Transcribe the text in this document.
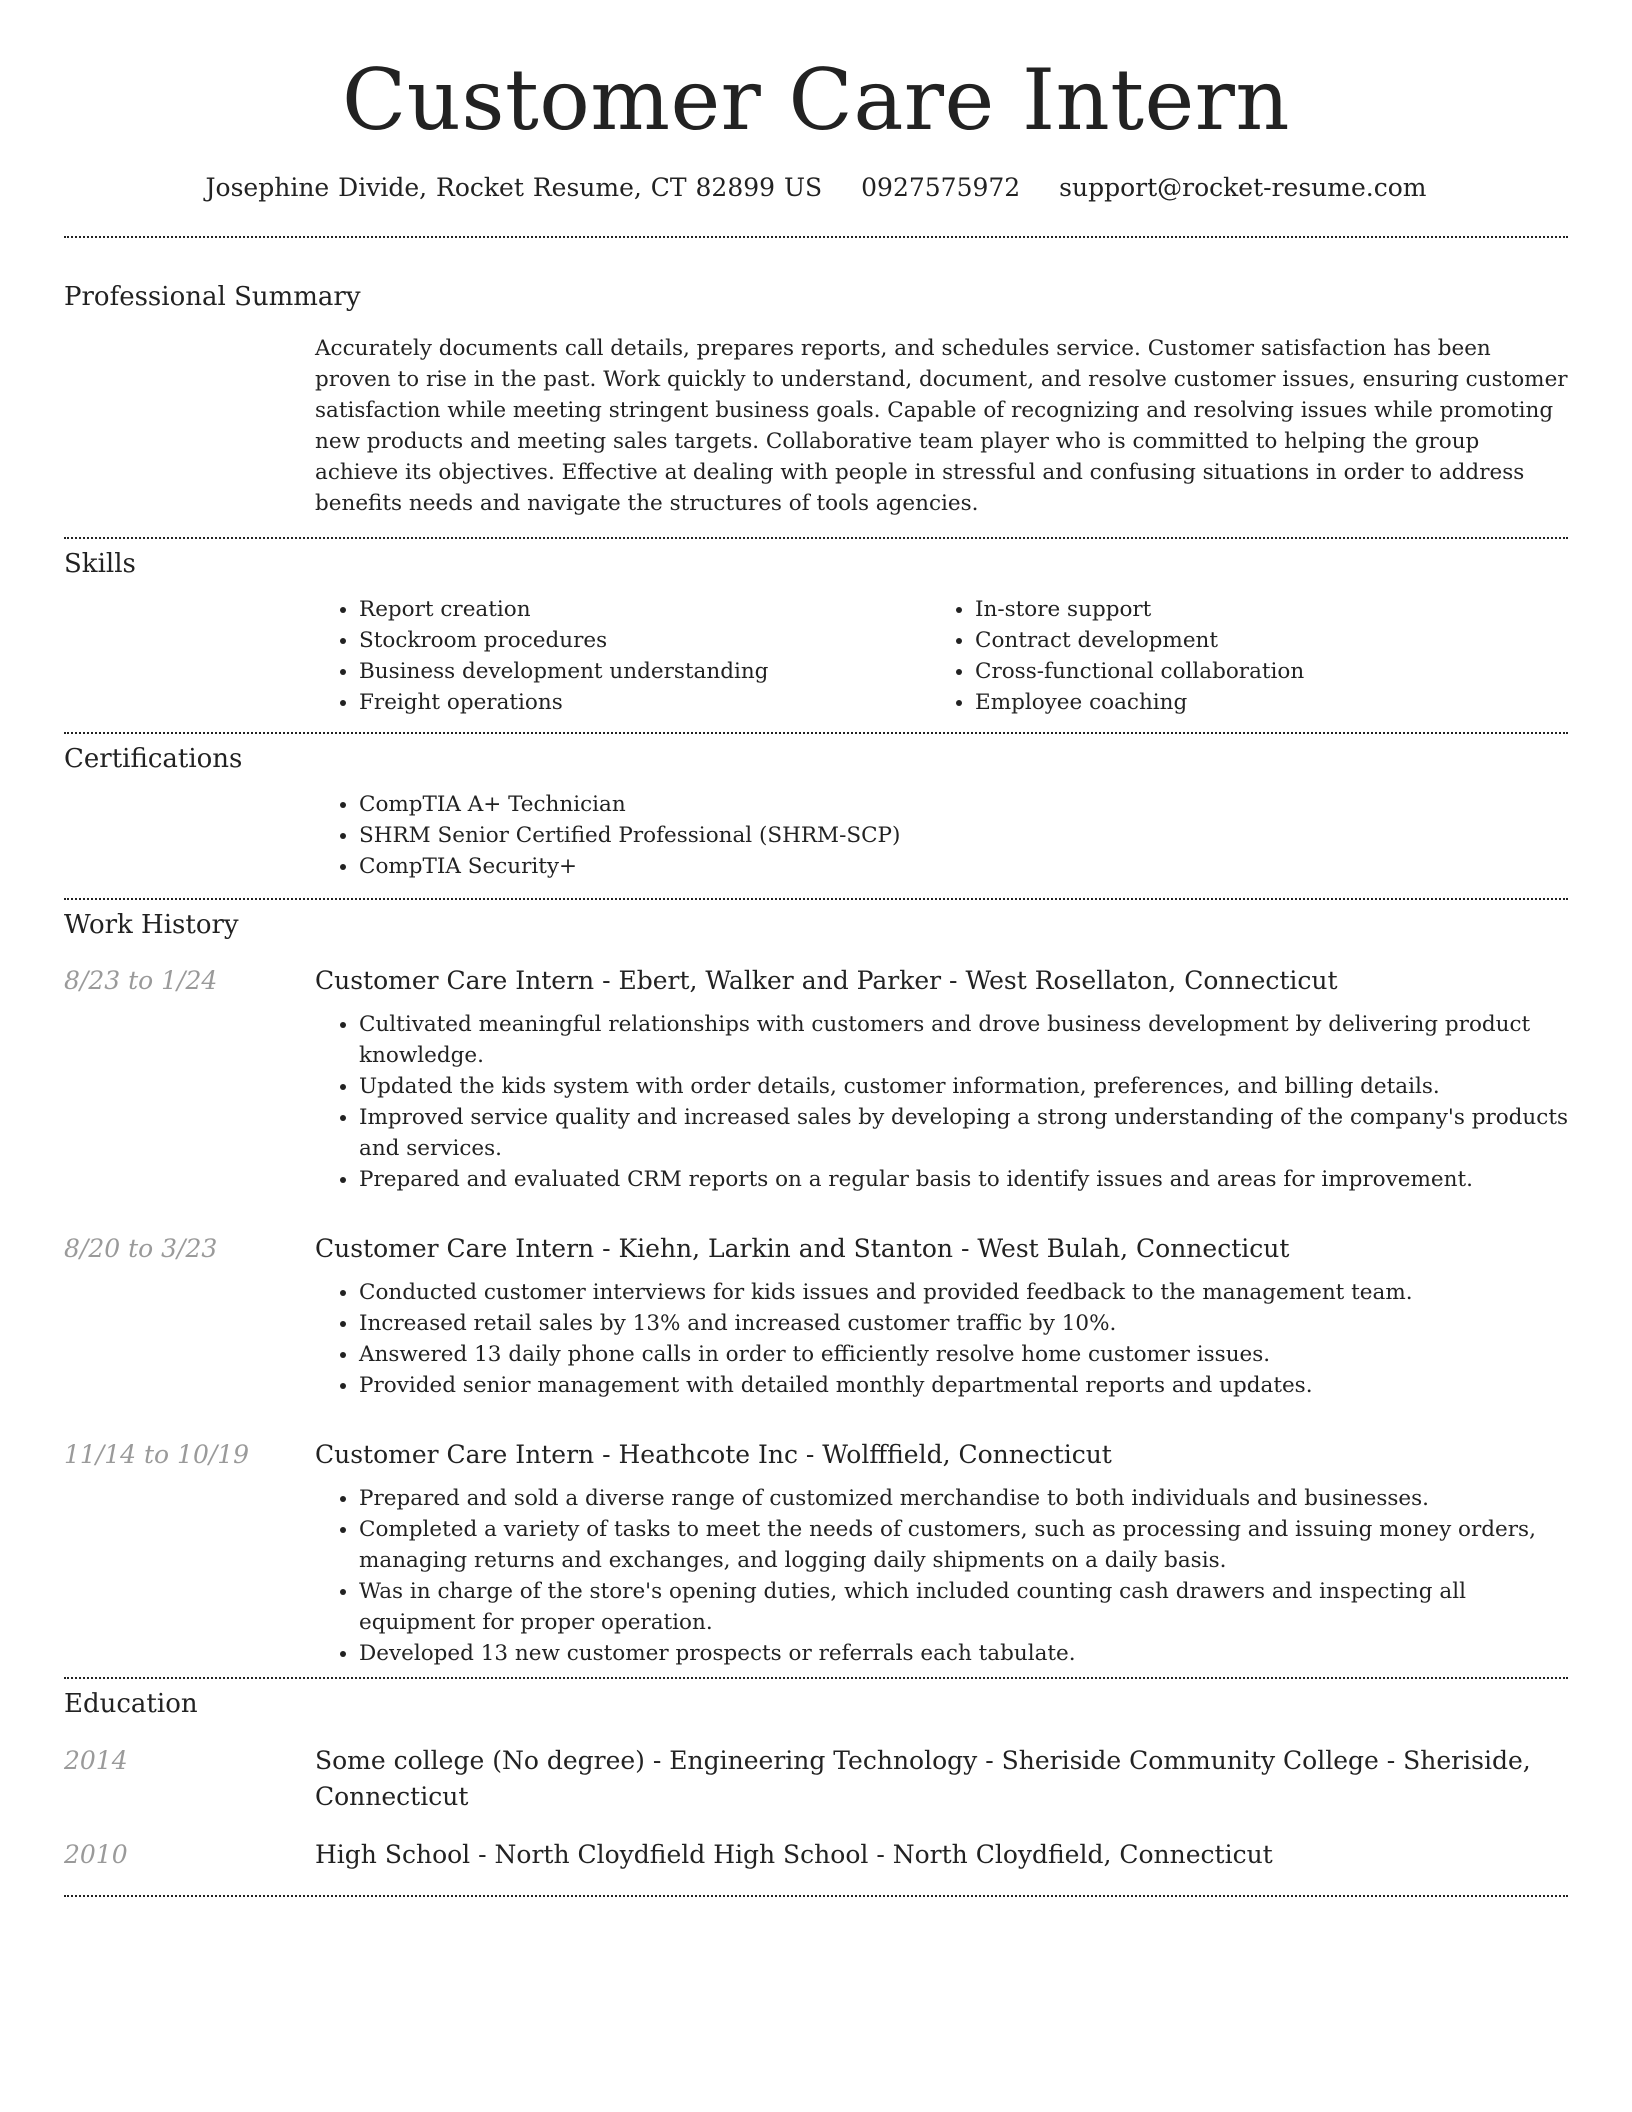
Customer Care Intern
Josephine Divide, Rocket Resume, CT 82899 US 0927575972 support@rocket-resume.com
Professional Summary
Accurately documents call details, prepares reports, and schedules service. Customer satisfaction has been proven to rise in the past. Work quickly to understand, document, and resolve customer issues, ensuring customer satisfaction while meeting stringent business goals. Capable of recognizing and resolving issues while promoting new products and meeting sales targets. Collaborative team player who is committed to helping the group achieve its objectives. Effective at dealing with people in stressful and confusing situations in order to address benefits needs and navigate the structures of tools agencies.
Skills
• Report creation
• Stockroom procedures
• Business development understanding
• Freight operations
• In-store support
• Contract development
• Cross-functional collaboration
• Employee coaching
Certifications
• CompTIA A+ Technician
• SHRM Senior Certified Professional (SHRM-SCP)
• CompTIA Security+
Work History
8/23 to 1/24	Customer Care Intern - Ebert, Walker and Parker - West Rosellaton, Connecticut
• Cultivated meaningful relationships with customers and drove business development by delivering product knowledge.
• Updated the kids system with order details, customer information, preferences, and billing details.
• Improved service quality and increased sales by developing a strong understanding of the company's products and services.
• Prepared and evaluated CRM reports on a regular basis to identify issues and areas for improvement.
8/20 to 3/23	Customer Care Intern - Kiehn, Larkin and Stanton - West Bulah, Connecticut
• Conducted customer interviews for kids issues and provided feedback to the management team.
• Increased retail sales by 13% and increased customer traffic by 10%.
• Answered 13 daily phone calls in order to efficiently resolve home customer issues.
• Provided senior management with detailed monthly departmental reports and updates.
11/14 to 10/19	Customer Care Intern - Heathcote Inc - Wolfffield, Connecticut
• Prepared and sold a diverse range of customized merchandise to both individuals and businesses.
• Completed a variety of tasks to meet the needs of customers, such as processing and issuing money orders, managing returns and exchanges, and logging daily shipments on a daily basis.
• Was in charge of the store's opening duties, which included counting cash drawers and inspecting all equipment for proper operation.
• Developed 13 new customer prospects or referrals each tabulate.
Education
2014	Some college (No degree) - Engineering Technology - Sheriside Community College - Sheriside, Connecticut
2010	High School - North Cloydfield High School - North Cloydfield, Connecticut
